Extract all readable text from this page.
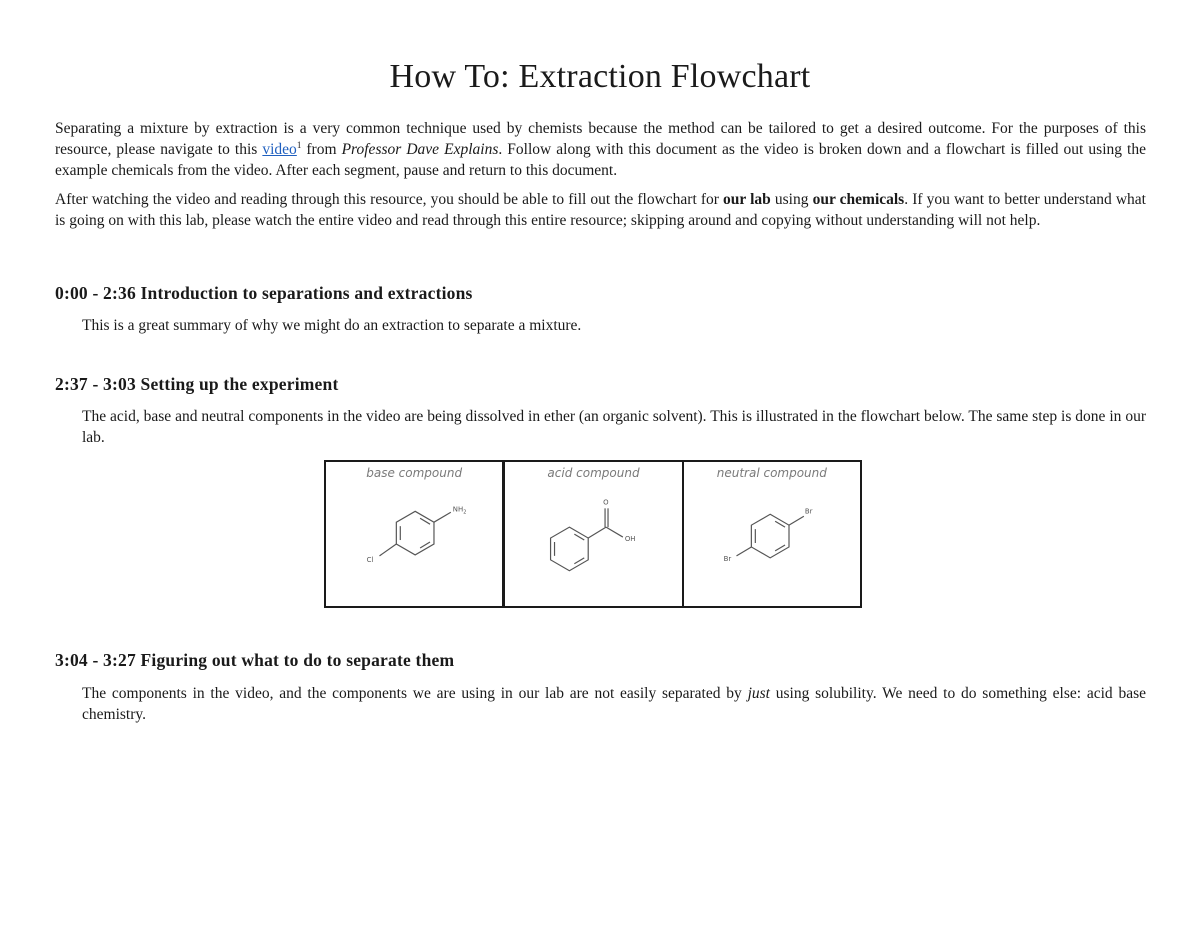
How To: Extraction Flowchart

Separating a mixture by extraction is a very common technique used by chemists because the method can be tailored to get a desired outcome. For the purposes of this resource, please navigate to this video$^1$ from Professor Dave Explains. Follow along with this document as the video is broken down and a flowchart is filled out using the example chemicals from the video. After each segment, pause and return to this document.

After watching the video and reading through this resource, you should be able to fill out the flowchart for our lab using our chemicals. If you want to better understand what is going on with this lab, please watch the entire video and read through this entire resource; skipping around and copying without understanding will not help.

0:00 - 2:36 Introduction to separations and extractions

This is a great summary of why we might do an extraction to separate a mixture.

2:37 - 3:03 Setting up the experiment

The acid, base and neutral components in the video are being dissolved in ether (an organic solvent). This is illustrated in the flowchart below. The same step is done in our lab.

base compound
$NH_2$
Cl
acid compound
O
OH
neutral compound
Br
Br
3:04 - 3:27 Figuring out what to do to separate them

The components in the video, and the components we are using in our lab are not easily separated by just using solubility. We need to do something else: acid base chemistry.
